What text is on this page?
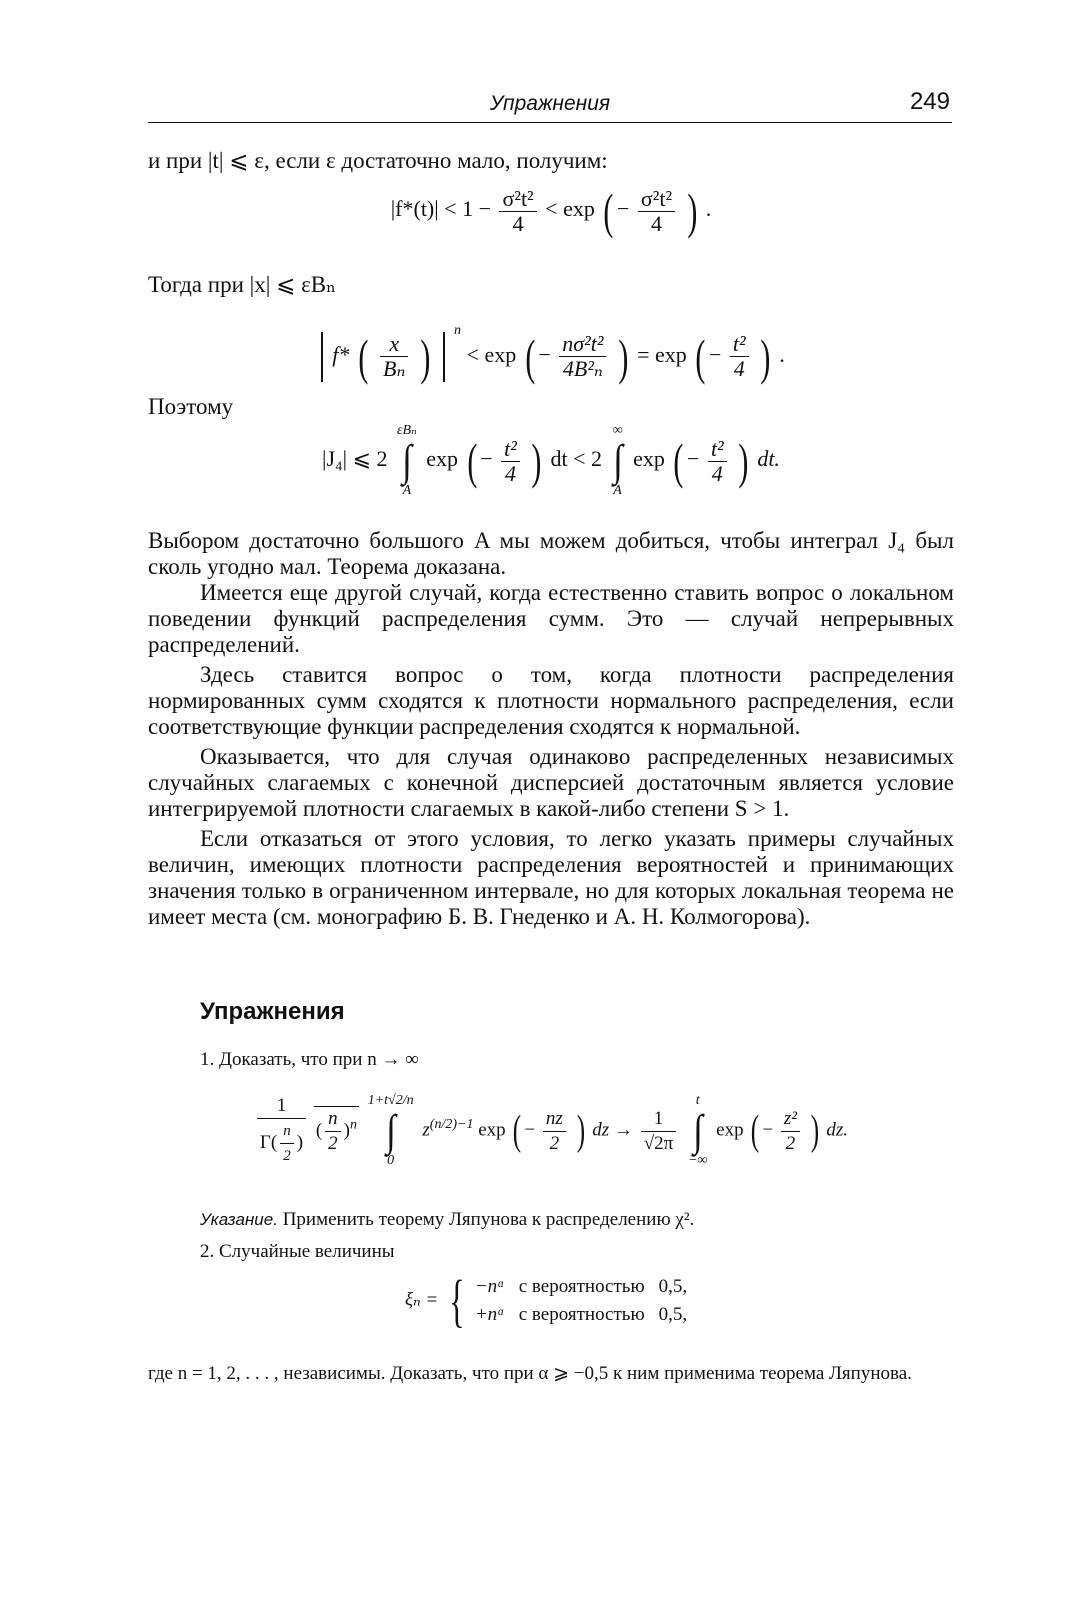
Упражнения	249
и при |t| ⩽ ε, если ε достаточно мало, получим:
$|f*(t)| < 1 - \frac{\text{σ²t²}}{4} < \exp$ ( − $\frac{\text{σ²t²}}{4}$ ) .
Тогда при |x| ⩽ εBₙ
f* ( $\frac{x}{\text{Bₙ}}$ ) $^n$ < exp ( − $\frac{\text{nσ²t²}}{\text{4B²ₙ}}$ ) = exp ( − $\frac{\text{t²}}{4}$ ) .
Поэтому
|J₄| ⩽ 2
εBₙ
∫
A
exp ( − $\frac{\text{t²}}{4}$ ) dt < 2
∞
∫
A
exp ( − $\frac{\text{t²}}{4}$ ) dt.
Выбором достаточно большого A мы можем добиться, чтобы интеграл J₄ был сколь угодно мал. Теорема доказана.
Имеется еще другой случай, когда естественно ставить вопрос о локальном поведении функций распределения сумм. Это — случай непрерывных распределений.
Здесь ставится вопрос о том, когда плотности распределения нормированных сумм сходятся к плотности нормального распределения, если соответствующие функции распределения сходятся к нормальной.
Оказывается, что для случая одинаково распределенных независимых случайных слагаемых с конечной дисперсией достаточным является условие интегрируемой плотности слагаемых в какой-либо степени S > 1.
Если отказаться от этого условия, то легко указать примеры случайных величин, имеющих плотности распределения вероятностей и принимающих значения только в ограниченном интервале, но для которых локальная теорема не имеет места (см. монографию Б. В. Гнеденко и А. Н. Колмогорова).
Упражнения
1. Доказать, что при n → ∞
$\frac{1}{\Gamma( \frac{n}{2} )}$ ( $\frac{n}{2} )^n$
1+t√2/n
∫
0
$z^{(n/2)-1}$ exp ( − $\frac{nz}{2}$ ) dz → $\frac{1}{√2\pi}$

t
∫
−∞
exp ( − $\frac{\text{z²}}{2}$ ) dz.
Указание. Применить теорему Ляпунова к распределению χ².
2. Случайные величины
ξₙ = { −nᵅ	с вероятностью	0,5,
+nᵅ	с вероятностью	0,5,
где n = 1, 2, . . . , независимы. Доказать, что при α ⩾ −0,5 к ним применима теорема Ляпунова.
